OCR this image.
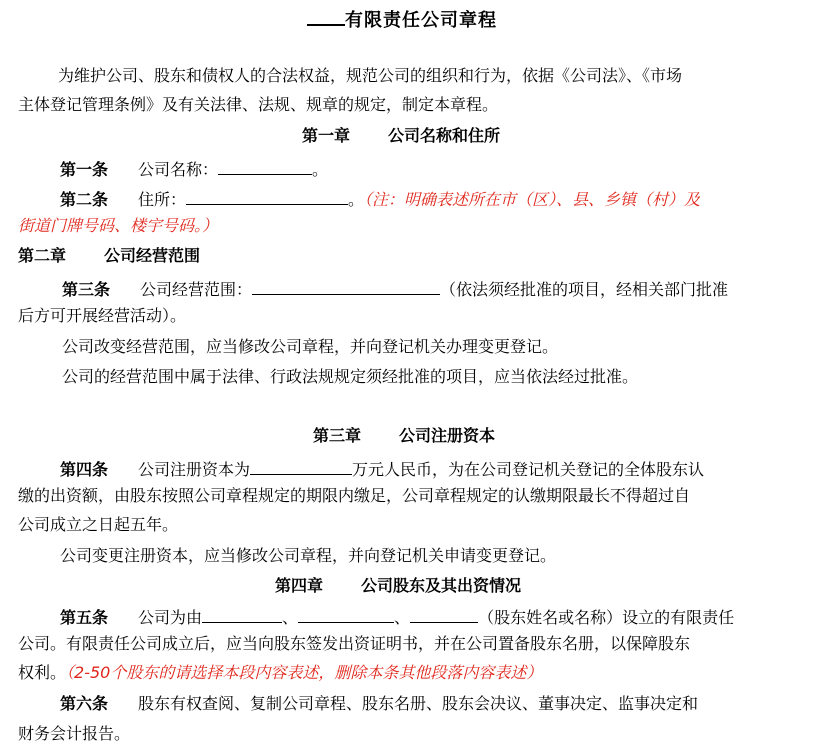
有限责任公司章程
为维护公司、股东和债权人的合法权益，规范公司的组织和行为，依据《公司法》、《市场
主体登记管理条例》及有关法律、法规、规章的规定，制定本章程。
第一章 公司名称和住所
第一条 公司名称：	。
第二条 住所：	。（注：明确表述所在市（区）、县、乡镇（村）及
街道门牌号码、楼宇号码。）
第二章 公司经营范围
第三条 公司经营范围：	（依法须经批准的项目，经相关部门批准
后方可开展经营活动）。
公司改变经营范围，应当修改公司章程，并向登记机关办理变更登记。
公司的经营范围中属于法律、行政法规规定须经批准的项目，应当依法经过批准。
第三章 公司注册资本
第四条 公司注册资本为	万元人民币，为在公司登记机关登记的全体股东认
缴的出资额，由股东按照公司章程规定的期限内缴足，公司章程规定的认缴期限最长不得超过自
公司成立之日起五年。
公司变更注册资本，应当修改公司章程，并向登记机关申请变更登记。
第四章 公司股东及其出资情况
第五条 公司为由	、	、	（股东姓名或名称）设立的有限责任
公司。有限责任公司成立后，应当向股东签发出资证明书，并在公司置备股东名册，以保障股东
权利。（2-50个股东的请选择本段内容表述，删除本条其他段落内容表述）
第六条 股东有权查阅、复制公司章程、股东名册、股东会决议、董事决定、监事决定和
财务会计报告。
